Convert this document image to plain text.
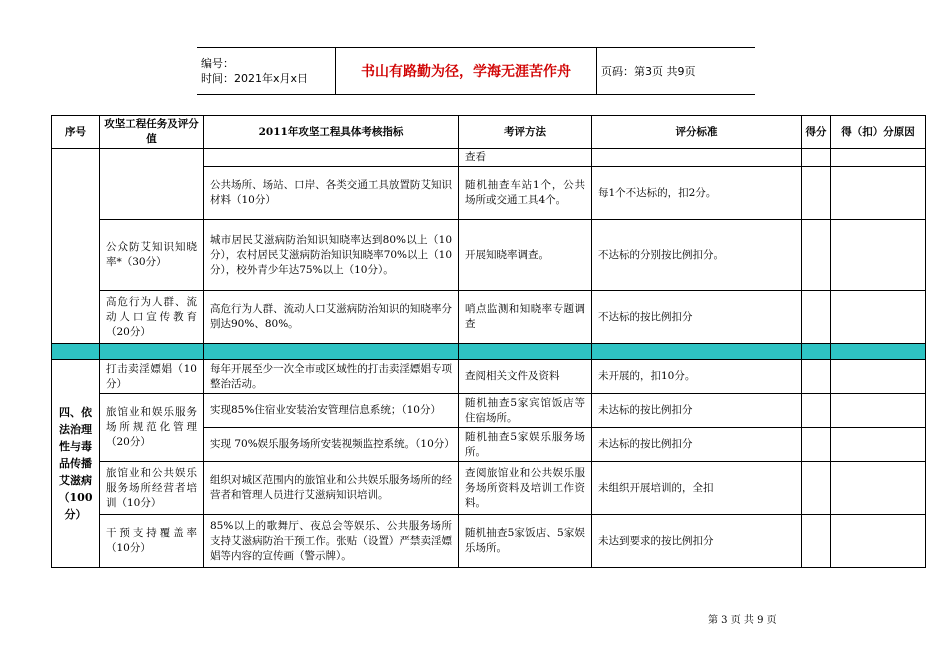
编号：
时间：2021年x月x日	书山有路勤为径，学海无涯苦作舟	页码：第3页 共9页
序号	攻坚工程任务及评分值	2011年攻坚工程具体考核指标	考评方法	评分标准	得分	得（扣）分原因
			查看			
		公共场所、场站、口岸、各类交通工具放置防艾知识材料（10分）	随机抽查车站1个，公共场所或交通工具4个。	每1个不达标的，扣2分。		
	公众防艾知识知晓率*（30分）	城市居民艾滋病防治知识知晓率达到80%以上（10分），农村居民艾滋病防治知识知晓率70%以上（10分），校外青少年达75%以上（10分）。	开展知晓率调查。	不达标的分别按比例扣分。		
	高危行为人群、流动人口宣传教育（20分）	高危行为人群、流动人口艾滋病防治知识的知晓率分别达90%、80%。	哨点监测和知晓率专题调查	不达标的按比例扣分		

四、依法治理性与毒品传播艾滋病（100分）	打击卖淫嫖娼（10分）	每年开展至少一次全市或区域性的打击卖淫嫖娼专项整治活动。	查阅相关文件及资料	未开展的，扣10分。		
	旅馆业和娱乐服务场所规范化管理（20分）	实现85%住宿业安装治安管理信息系统；（10分）	随机抽查5家宾馆饭店等住宿场所。	未达标的按比例扣分		
		实现 70%娱乐服务场所安装视频监控系统。（10分）	随机抽查5家娱乐服务场所。	未达标的按比例扣分		
	旅馆业和公共娱乐服务场所经营者培训（10分）	组织对城区范围内的旅馆业和公共娱乐服务场所的经营者和管理人员进行艾滋病知识培训。	查阅旅馆业和公共娱乐服务场所资料及培训工作资料。	未组织开展培训的，全扣		
	干预支持覆盖率（10分）	85%以上的歌舞厅、夜总会等娱乐、公共服务场所支持艾滋病防治干预工作。张贴（设置）严禁卖淫嫖娼等内容的宣传画（警示牌）。	随机抽查5家饭店、5家娱乐场所。	未达到要求的按比例扣分		
第 3 页 共 9 页
